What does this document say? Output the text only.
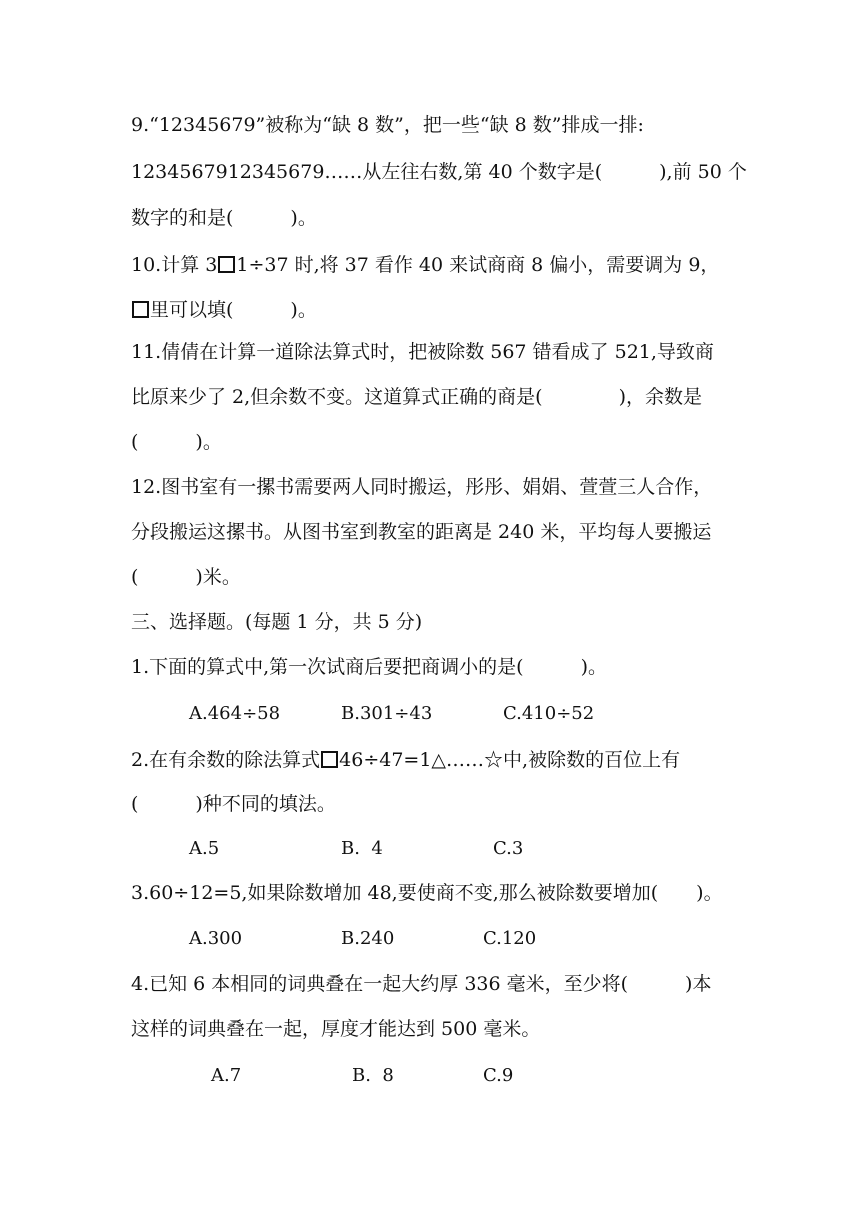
9.“12345679”被称为“缺 8 数”，把一些“缺 8 数”排成一排:
1234567912345679……从左往右数,第 40 个数字是(　　　),前 50 个
数字的和是(　　　)。
10.计算 3 1÷37 时,将 37 看作 40 来试商商 8 偏小，需要调为 9，
里可以填(　　　)。
11.倩倩在计算一道除法算式时，把被除数 567 错看成了 521,导致商
比原来少了 2,但余数不变。这道算式正确的商是(　　　　)，余数是
(　　　)。
12.图书室有一摞书需要两人同时搬运，彤彤、娟娟、萱萱三人合作，
分段搬运这摞书。从图书室到教室的距离是 240 米，平均每人要搬运
(　　　)米。
三、选择题。(每题 1 分，共 5 分)
1.下面的算式中,第一次试商后要把商调小的是(　　　)。
A.464÷58	B.301÷43	C.410÷52
2.在有余数的除法算式 46÷47=1△……☆中,被除数的百位上有
(　　　)种不同的填法。
A.5	B.  4	C.3
3.60÷12=5,如果除数增加 48,要使商不变,那么被除数要增加(　　)。
A.300	B.240	C.120
4.已知 6 本相同的词典叠在一起大约厚 336 毫米，至少将(　　　)本
这样的词典叠在一起，厚度才能达到 500 毫米。
A.7	B.  8	C.9
